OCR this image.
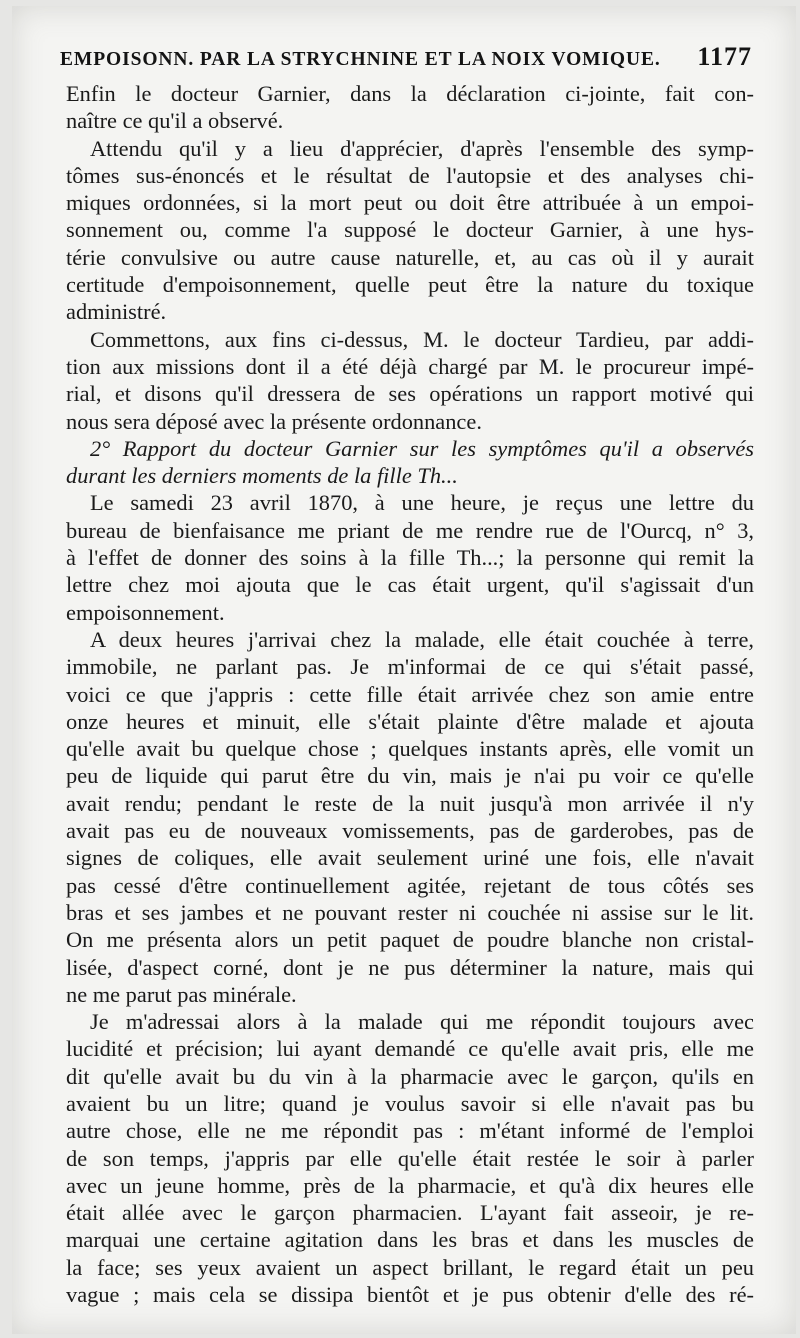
EMPOISONN. PAR LA STRYCHNINE ET LA NOIX VOMIQUE. 1177
Enfin le docteur Garnier, dans la déclaration ci-jointe, fait con-
naître ce qu'il a observé.
Attendu qu'il y a lieu d'apprécier, d'après l'ensemble des symp-
tômes sus-énoncés et le résultat de l'autopsie et des analyses chi-
miques ordonnées, si la mort peut ou doit être attribuée à un empoi-
sonnement ou, comme l'a supposé le docteur Garnier, à une hys-
térie convulsive ou autre cause naturelle, et, au cas où il y aurait
certitude d'empoisonnement, quelle peut être la nature du toxique
administré.
Commettons, aux fins ci-dessus, M. le docteur Tardieu, par addi-
tion aux missions dont il a été déjà chargé par M. le procureur impé-
rial, et disons qu'il dressera de ses opérations un rapport motivé qui
nous sera déposé avec la présente ordonnance.
2° Rapport du docteur Garnier sur les symptômes qu'il a observés
durant les derniers moments de la fille Th...
Le samedi 23 avril 1870, à une heure, je reçus une lettre du
bureau de bienfaisance me priant de me rendre rue de l'Ourcq, n° 3,
à l'effet de donner des soins à la fille Th...; la personne qui remit la
lettre chez moi ajouta que le cas était urgent, qu'il s'agissait d'un
empoisonnement.
A deux heures j'arrivai chez la malade, elle était couchée à terre,
immobile, ne parlant pas. Je m'informai de ce qui s'était passé,
voici ce que j'appris : cette fille était arrivée chez son amie entre
onze heures et minuit, elle s'était plainte d'être malade et ajouta
qu'elle avait bu quelque chose ; quelques instants après, elle vomit un
peu de liquide qui parut être du vin, mais je n'ai pu voir ce qu'elle
avait rendu; pendant le reste de la nuit jusqu'à mon arrivée il n'y
avait pas eu de nouveaux vomissements, pas de garderobes, pas de
signes de coliques, elle avait seulement uriné une fois, elle n'avait
pas cessé d'être continuellement agitée, rejetant de tous côtés ses
bras et ses jambes et ne pouvant rester ni couchée ni assise sur le lit.
On me présenta alors un petit paquet de poudre blanche non cristal-
lisée, d'aspect corné, dont je ne pus déterminer la nature, mais qui
ne me parut pas minérale.
Je m'adressai alors à la malade qui me répondit toujours avec
lucidité et précision; lui ayant demandé ce qu'elle avait pris, elle me
dit qu'elle avait bu du vin à la pharmacie avec le garçon, qu'ils en
avaient bu un litre; quand je voulus savoir si elle n'avait pas bu
autre chose, elle ne me répondit pas : m'étant informé de l'emploi
de son temps, j'appris par elle qu'elle était restée le soir à parler
avec un jeune homme, près de la pharmacie, et qu'à dix heures elle
était allée avec le garçon pharmacien. L'ayant fait asseoir, je re-
marquai une certaine agitation dans les bras et dans les muscles de
la face; ses yeux avaient un aspect brillant, le regard était un peu
vague ; mais cela se dissipa bientôt et je pus obtenir d'elle des ré-
